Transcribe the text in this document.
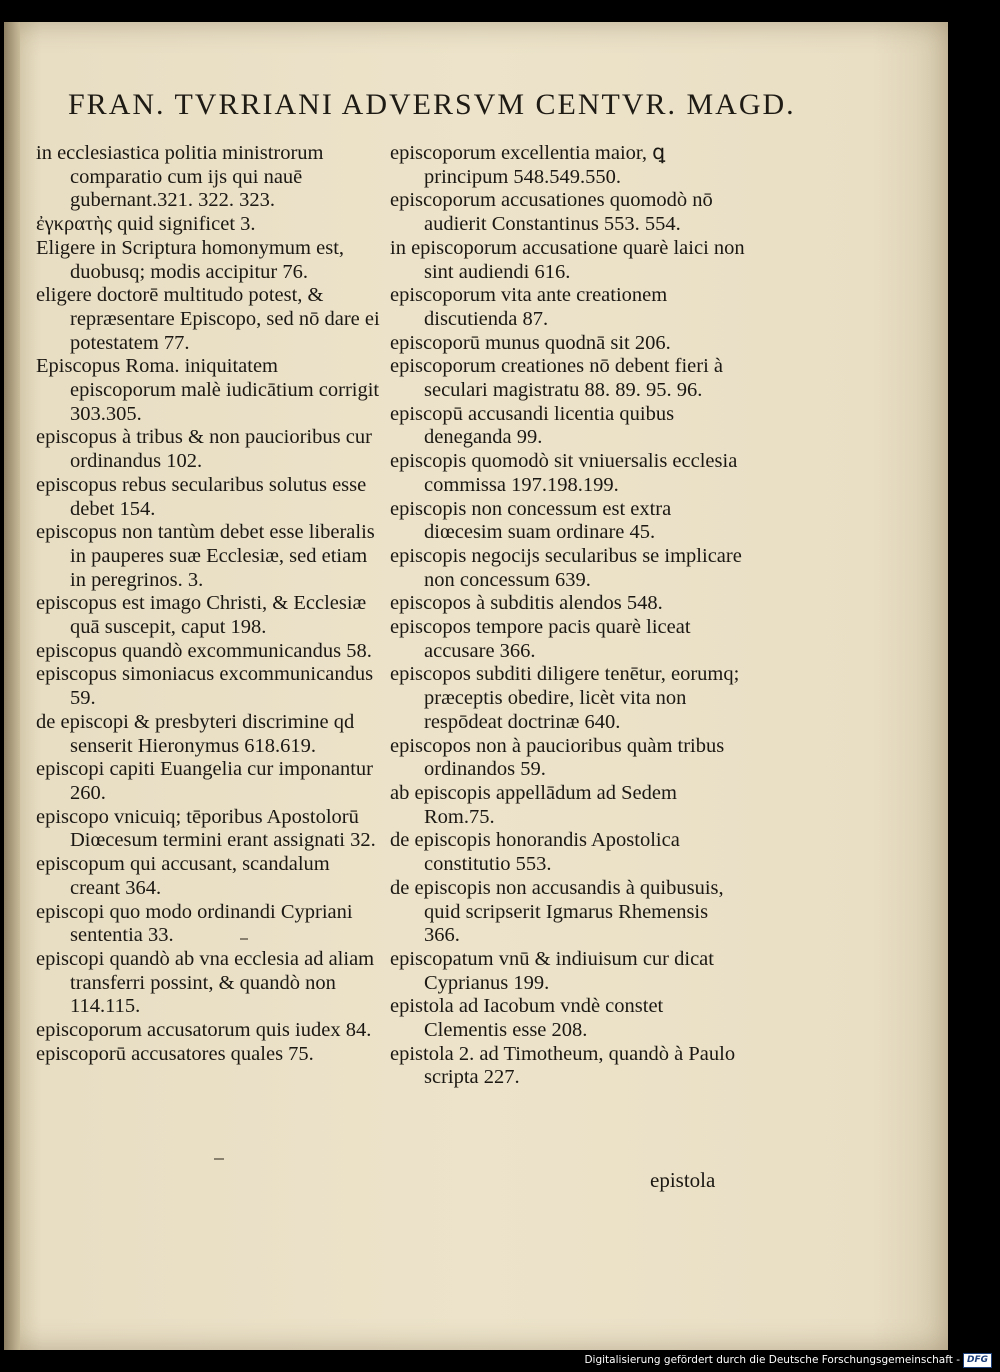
FRAN. TVRRIANI ADVERSVM CENTVR. MAGD.

in ecclesiastica politia ministrorum comparatio cum ijs qui nauē gubernant.321. 322. 323.

ἐγκρατὴς quid significet 3.

Eligere in Scriptura homonymum est, duobusq; modis accipitur 76.

eligere doctorē multitudo potest, & repræsentare Episcopo, sed nō dare ei potestatem 77.

Episcopus Roma. iniquitatem episcoporum malè iudicātium corrigit 303.305.

episcopus à tribus & non paucioribus cur ordinandus 102.

episcopus rebus secularibus solutus esse debet 154.

episcopus non tantùm debet esse liberalis in pauperes suæ Ecclesiæ, sed etiam in peregrinos. 3.

episcopus est imago Christi, & Ecclesiæ quā suscepit, caput 198.

episcopus quandò excommunicandus 58.

episcopus simoniacus excommunicandus 59.

de episcopi & presbyteri discrimine qd senserit Hieronymus 618.619.

episcopi capiti Euangelia cur imponantur 260.

episcopo vnicuiq; tēporibus Apostolorū Diœcesum termini erant assignati 32.

episcopum qui accusant, scandalum creant 364.

episcopi quo modo ordinandi Cypriani sententia 33.

episcopi quandò ab vna ecclesia ad aliam transferri possint, & quandò non 114.115.

episcoporum accusatorum quis iudex 84.

episcoporū accusatores quales 75.

episcoporum excellentia maior, ꝗ principum 548.549.550.

episcoporum accusationes quomodò nō audierit Constantinus 553. 554.

in episcoporum accusatione quarè laici non sint audiendi 616.

episcoporum vita ante creationem discutienda 87.

episcoporū munus quodnā sit 206.

episcoporum creationes nō debent fieri à seculari magistratu 88. 89. 95. 96.

episcopū accusandi licentia quibus deneganda 99.

episcopis quomodò sit vniuersalis ecclesia commissa 197.198.199.

episcopis non concessum est extra diœcesim suam ordinare 45.

episcopis negocijs secularibus se implicare non concessum 639.

episcopos à subditis alendos 548.

episcopos tempore pacis quarè liceat accusare 366.

episcopos subditi diligere tenētur, eorumq; præceptis obedire, licèt vita non respōdeat doctrinæ 640.

episcopos non à paucioribus quàm tribus ordinandos 59.

ab episcopis appellādum ad Sedem Rom.75.

de episcopis honorandis Apostolica constitutio 553.

de episcopis non accusandis à quibusuis, quid scripserit Igmarus Rhemensis 366.

episcopatum vnū & indiuisum cur dicat Cyprianus 199.

epistola ad Iacobum vndè constet Clementis esse 208.

epistola 2. ad Timotheum, quandò à Paulo scripta 227.

epistola
Digitalisierung gefördert durch die Deutsche Forschungsgemeinschaft - DFG
